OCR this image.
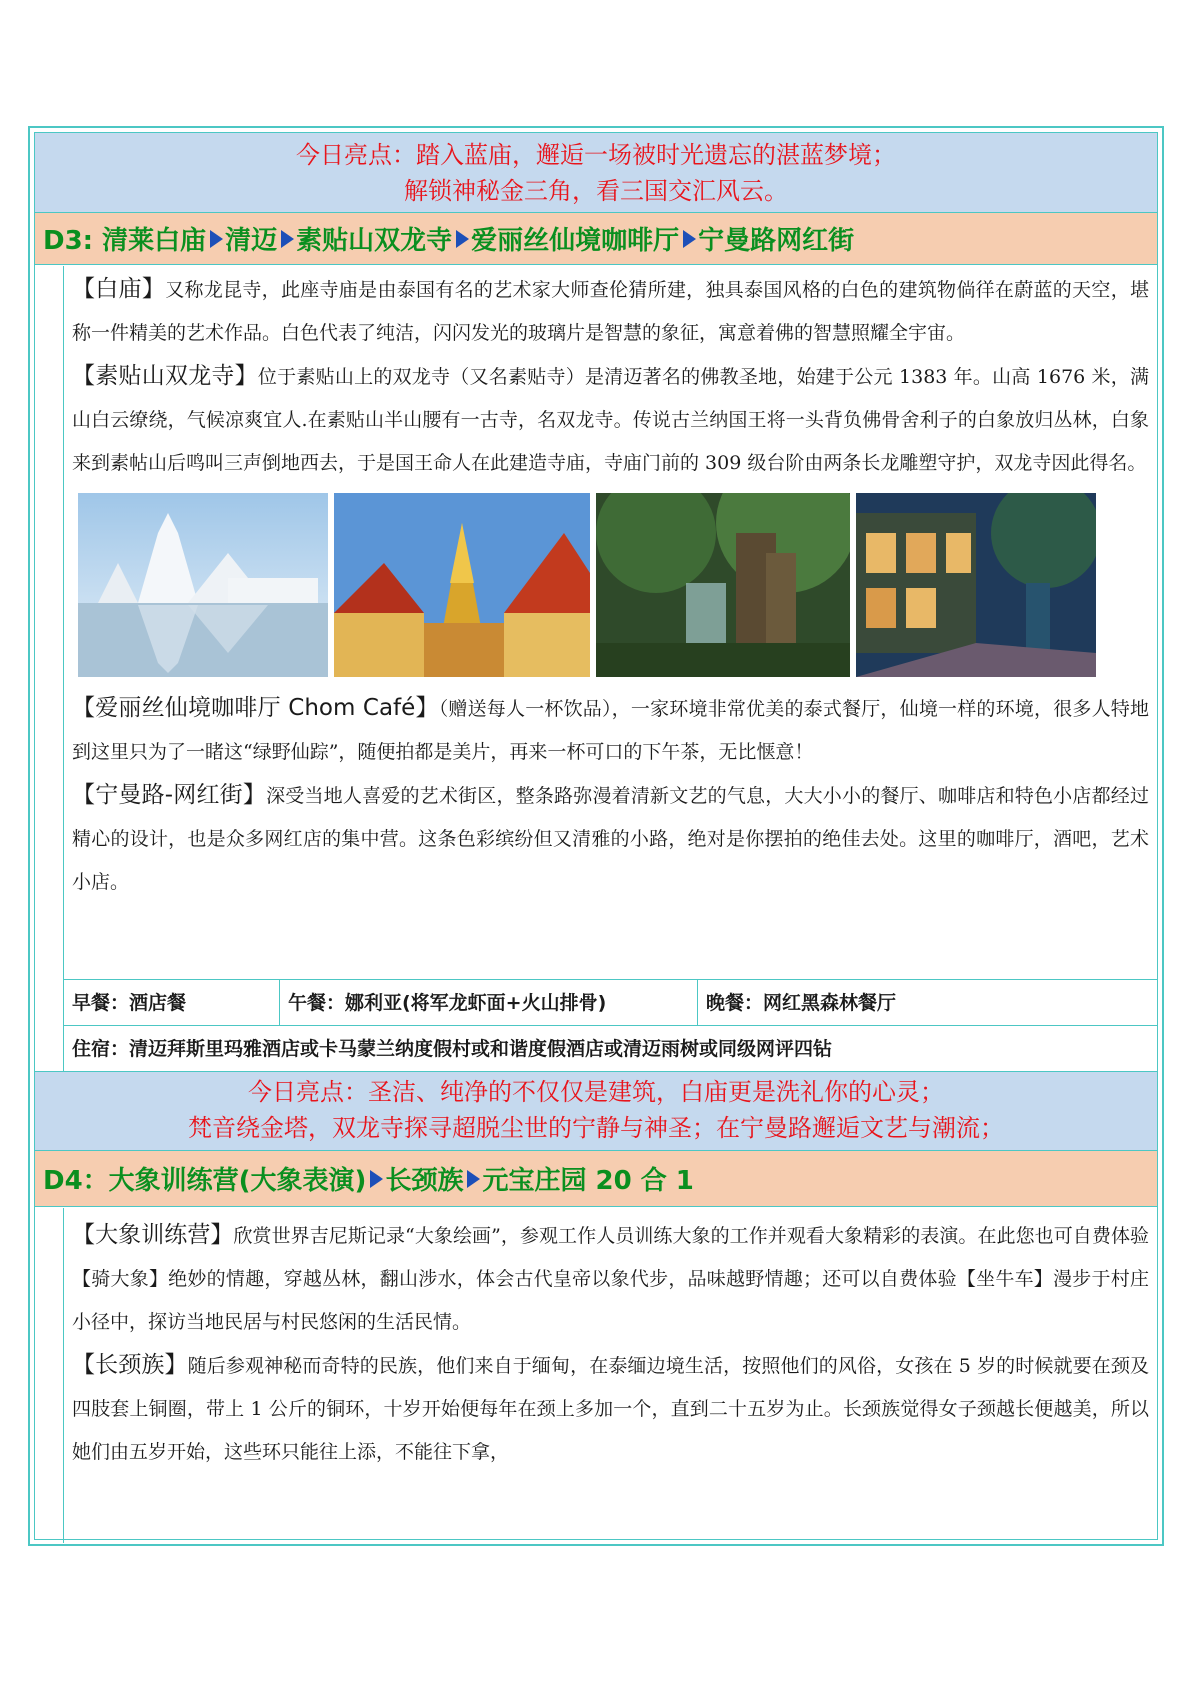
今日亮点：踏入蓝庙，邂逅一场被时光遗忘的湛蓝梦境；
解锁神秘金三角，看三国交汇风云。
D3: 清莱白庙 清迈 素贴山双龙寺 爱丽丝仙境咖啡厅 宁曼路网红街

【白庙】又称龙昆寺，此座寺庙是由泰国有名的艺术家大师查伦猜所建，独具泰国风格的白色的建筑物倘徉在蔚蓝的天空，堪称一件精美的艺术作品。白色代表了纯洁，闪闪发光的玻璃片是智慧的象征，寓意着佛的智慧照耀全宇宙。

【素贴山双龙寺】位于素贴山上的双龙寺（又名素贴寺）是清迈著名的佛教圣地，始建于公元 1383 年。山高 1676 米，满山白云缭绕，气候凉爽宜人.在素贴山半山腰有一古寺，名双龙寺。传说古兰纳国王将一头背负佛骨舍利子的白象放归丛林，白象来到素帖山后鸣叫三声倒地西去，于是国王命人在此建造寺庙，寺庙门前的 309 级台阶由两条长龙雕塑守护，双龙寺因此得名。

【爱丽丝仙境咖啡厅 Chom Café】（赠送每人一杯饮品），一家环境非常优美的泰式餐厅，仙境一样的环境，很多人特地到这里只为了一睹这“绿野仙踪”，随便拍都是美片，再来一杯可口的下午茶，无比惬意！

【宁曼路-网红街】深受当地人喜爱的艺术街区，整条路弥漫着清新文艺的气息，大大小小的餐厅、咖啡店和特色小店都经过精心的设计，也是众多网红店的集中营。这条色彩缤纷但又清雅的小路，绝对是你摆拍的绝佳去处。这里的咖啡厅，酒吧，艺术小店。

早餐：酒店餐	午餐：娜利亚(将军龙虾面+火山排骨)	晚餐：网红黑森林餐厅
住宿：清迈拜斯里玛雅酒店或卡马蒙兰纳度假村或和谐度假酒店或清迈雨树或同级网评四钻
今日亮点：圣洁、纯净的不仅仅是建筑，白庙更是洗礼你的心灵；
梵音绕金塔，双龙寺探寻超脱尘世的宁静与神圣；在宁曼路邂逅文艺与潮流；
D4：大象训练营(大象表演) 长颈族 元宝庄园 20 合 1

【大象训练营】欣赏世界吉尼斯记录“大象绘画”，参观工作人员训练大象的工作并观看大象精彩的表演。在此您也可自费体验【骑大象】绝妙的情趣，穿越丛林，翻山涉水，体会古代皇帝以象代步，品味越野情趣；还可以自费体验【坐牛车】漫步于村庄小径中，探访当地民居与村民悠闲的生活民情。

【长颈族】随后参观神秘而奇特的民族，他们来自于缅甸，在泰缅边境生活，按照他们的风俗，女孩在 5 岁的时候就要在颈及四肢套上铜圈，带上 1 公斤的铜环，十岁开始便每年在颈上多加一个，直到二十五岁为止。长颈族觉得女子颈越长便越美，所以她们由五岁开始，这些环只能往上添，不能往下拿，
